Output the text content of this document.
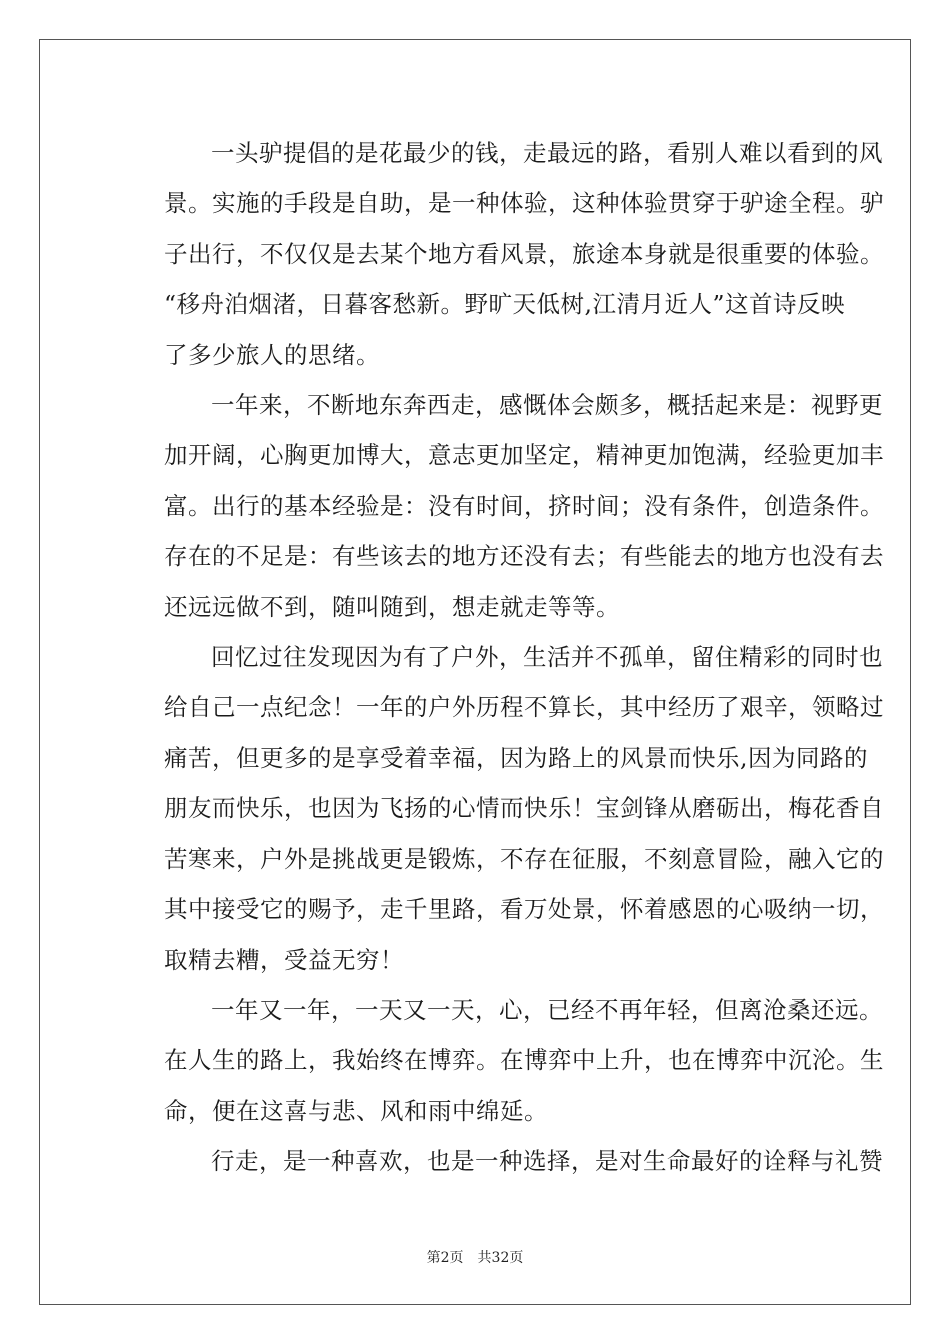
一头驴提倡的是花最少的钱，走最远的路，看别人难以看到的风
景。实施的手段是自助，是一种体验，这种体验贯穿于驴途全程。驴
子出行，不仅仅是去某个地方看风景，旅途本身就是很重要的体验。
“移舟泊烟渚，日暮客愁新。野旷天低树,江清月近人”这首诗反映
了多少旅人的思绪。
一年来，不断地东奔西走，感慨体会颇多，概括起来是：视野更
加开阔，心胸更加博大，意志更加坚定，精神更加饱满，经验更加丰
富。出行的基本经验是：没有时间，挤时间；没有条件，创造条件。
存在的不足是：有些该去的地方还没有去；有些能去的地方也没有去
还远远做不到，随叫随到，想走就走等等。
回忆过往发现因为有了户外，生活并不孤单，留住精彩的同时也
给自己一点纪念！一年的户外历程不算长，其中经历了艰辛，领略过
痛苦，但更多的是享受着幸福，因为路上的风景而快乐,因为同路的
朋友而快乐，也因为飞扬的心情而快乐！宝剑锋从磨砺出，梅花香自
苦寒来，户外是挑战更是锻炼，不存在征服，不刻意冒险，融入它的
其中接受它的赐予，走千里路，看万处景，怀着感恩的心吸纳一切，
取精去糟，受益无穷！
一年又一年，一天又一天，心，已经不再年轻，但离沧桑还远。
在人生的路上，我始终在博弈。在博弈中上升，也在博弈中沉沦。生
命，便在这喜与悲、风和雨中绵延。
行走，是一种喜欢，也是一种选择，是对生命最好的诠释与礼赞
第2页 共32页
